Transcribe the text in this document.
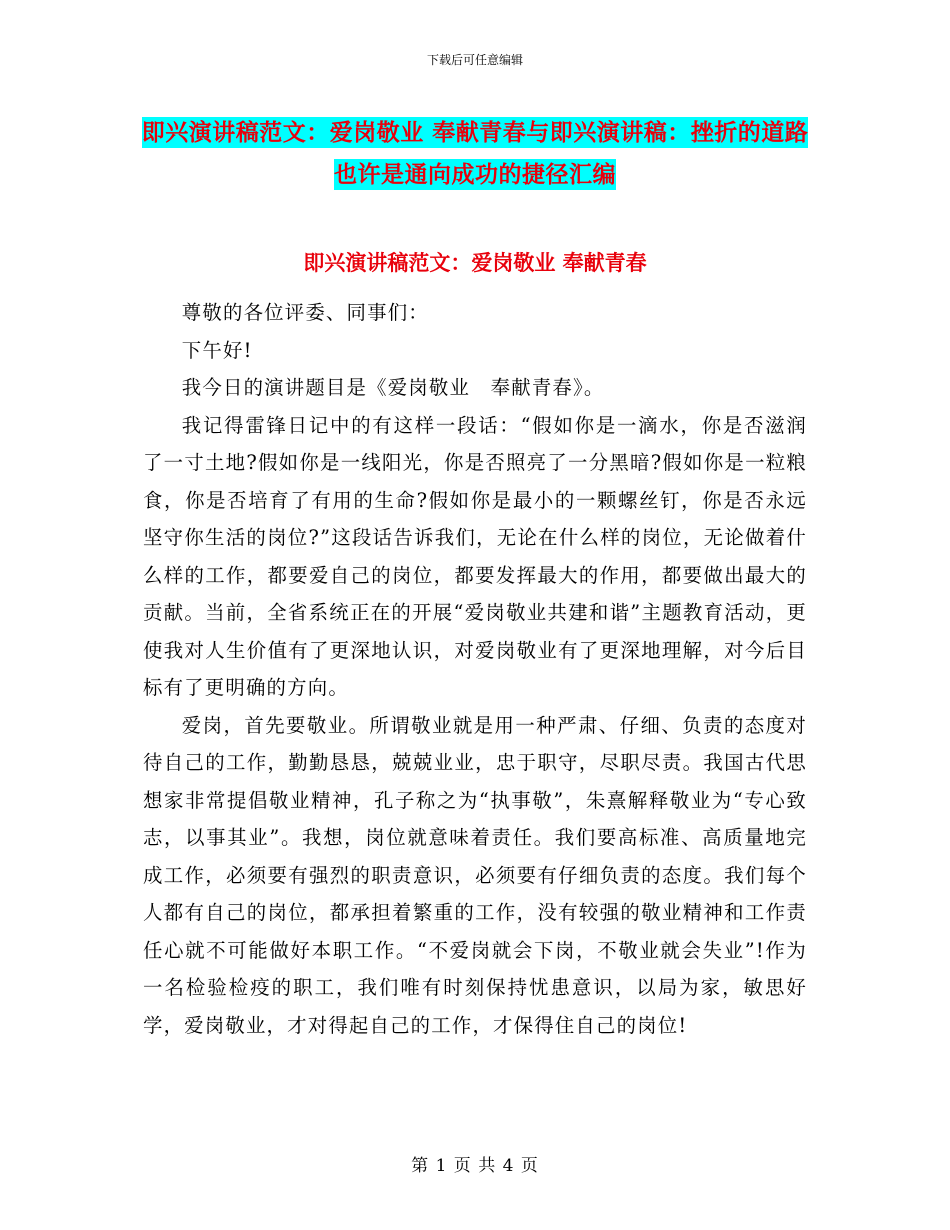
下载后可任意编辑
即兴演讲稿范文：爱岗敬业 奉献青春与即兴演讲稿：挫折的道路也许是通向成功的捷径汇编
即兴演讲稿范文：爱岗敬业 奉献青春

尊敬的各位评委、同事们：

下午好!

我今日的演讲题目是《爱岗敬业　奉献青春》。

我记得雷锋日记中的有这样一段话：“假如你是一滴水，你是否滋润了一寸土地?假如你是一线阳光，你是否照亮了一分黑暗?假如你是一粒粮食，你是否培育了有用的生命?假如你是最小的一颗螺丝钉，你是否永远坚守你生活的岗位?”这段话告诉我们，无论在什么样的岗位，无论做着什么样的工作，都要爱自己的岗位，都要发挥最大的作用，都要做出最大的贡献。当前，全省系统正在的开展“爱岗敬业共建和谐”主题教育活动，更使我对人生价值有了更深地认识，对爱岗敬业有了更深地理解，对今后目标有了更明确的方向。

爱岗，首先要敬业。所谓敬业就是用一种严肃、仔细、负责的态度对待自己的工作，勤勤恳恳，兢兢业业，忠于职守，尽职尽责。我国古代思想家非常提倡敬业精神，孔子称之为“执事敬”，朱熹解释敬业为“专心致志，以事其业”。我想，岗位就意味着责任。我们要高标准、高质量地完成工作，必须要有强烈的职责意识，必须要有仔细负责的态度。我们每个人都有自己的岗位，都承担着繁重的工作，没有较强的敬业精神和工作责任心就不可能做好本职工作。“不爱岗就会下岗，不敬业就会失业”!作为一名检验检疫的职工，我们唯有时刻保持忧患意识，以局为家，敏思好学，爱岗敬业，才对得起自己的工作，才保得住自己的岗位!

第 1 页 共 4 页
